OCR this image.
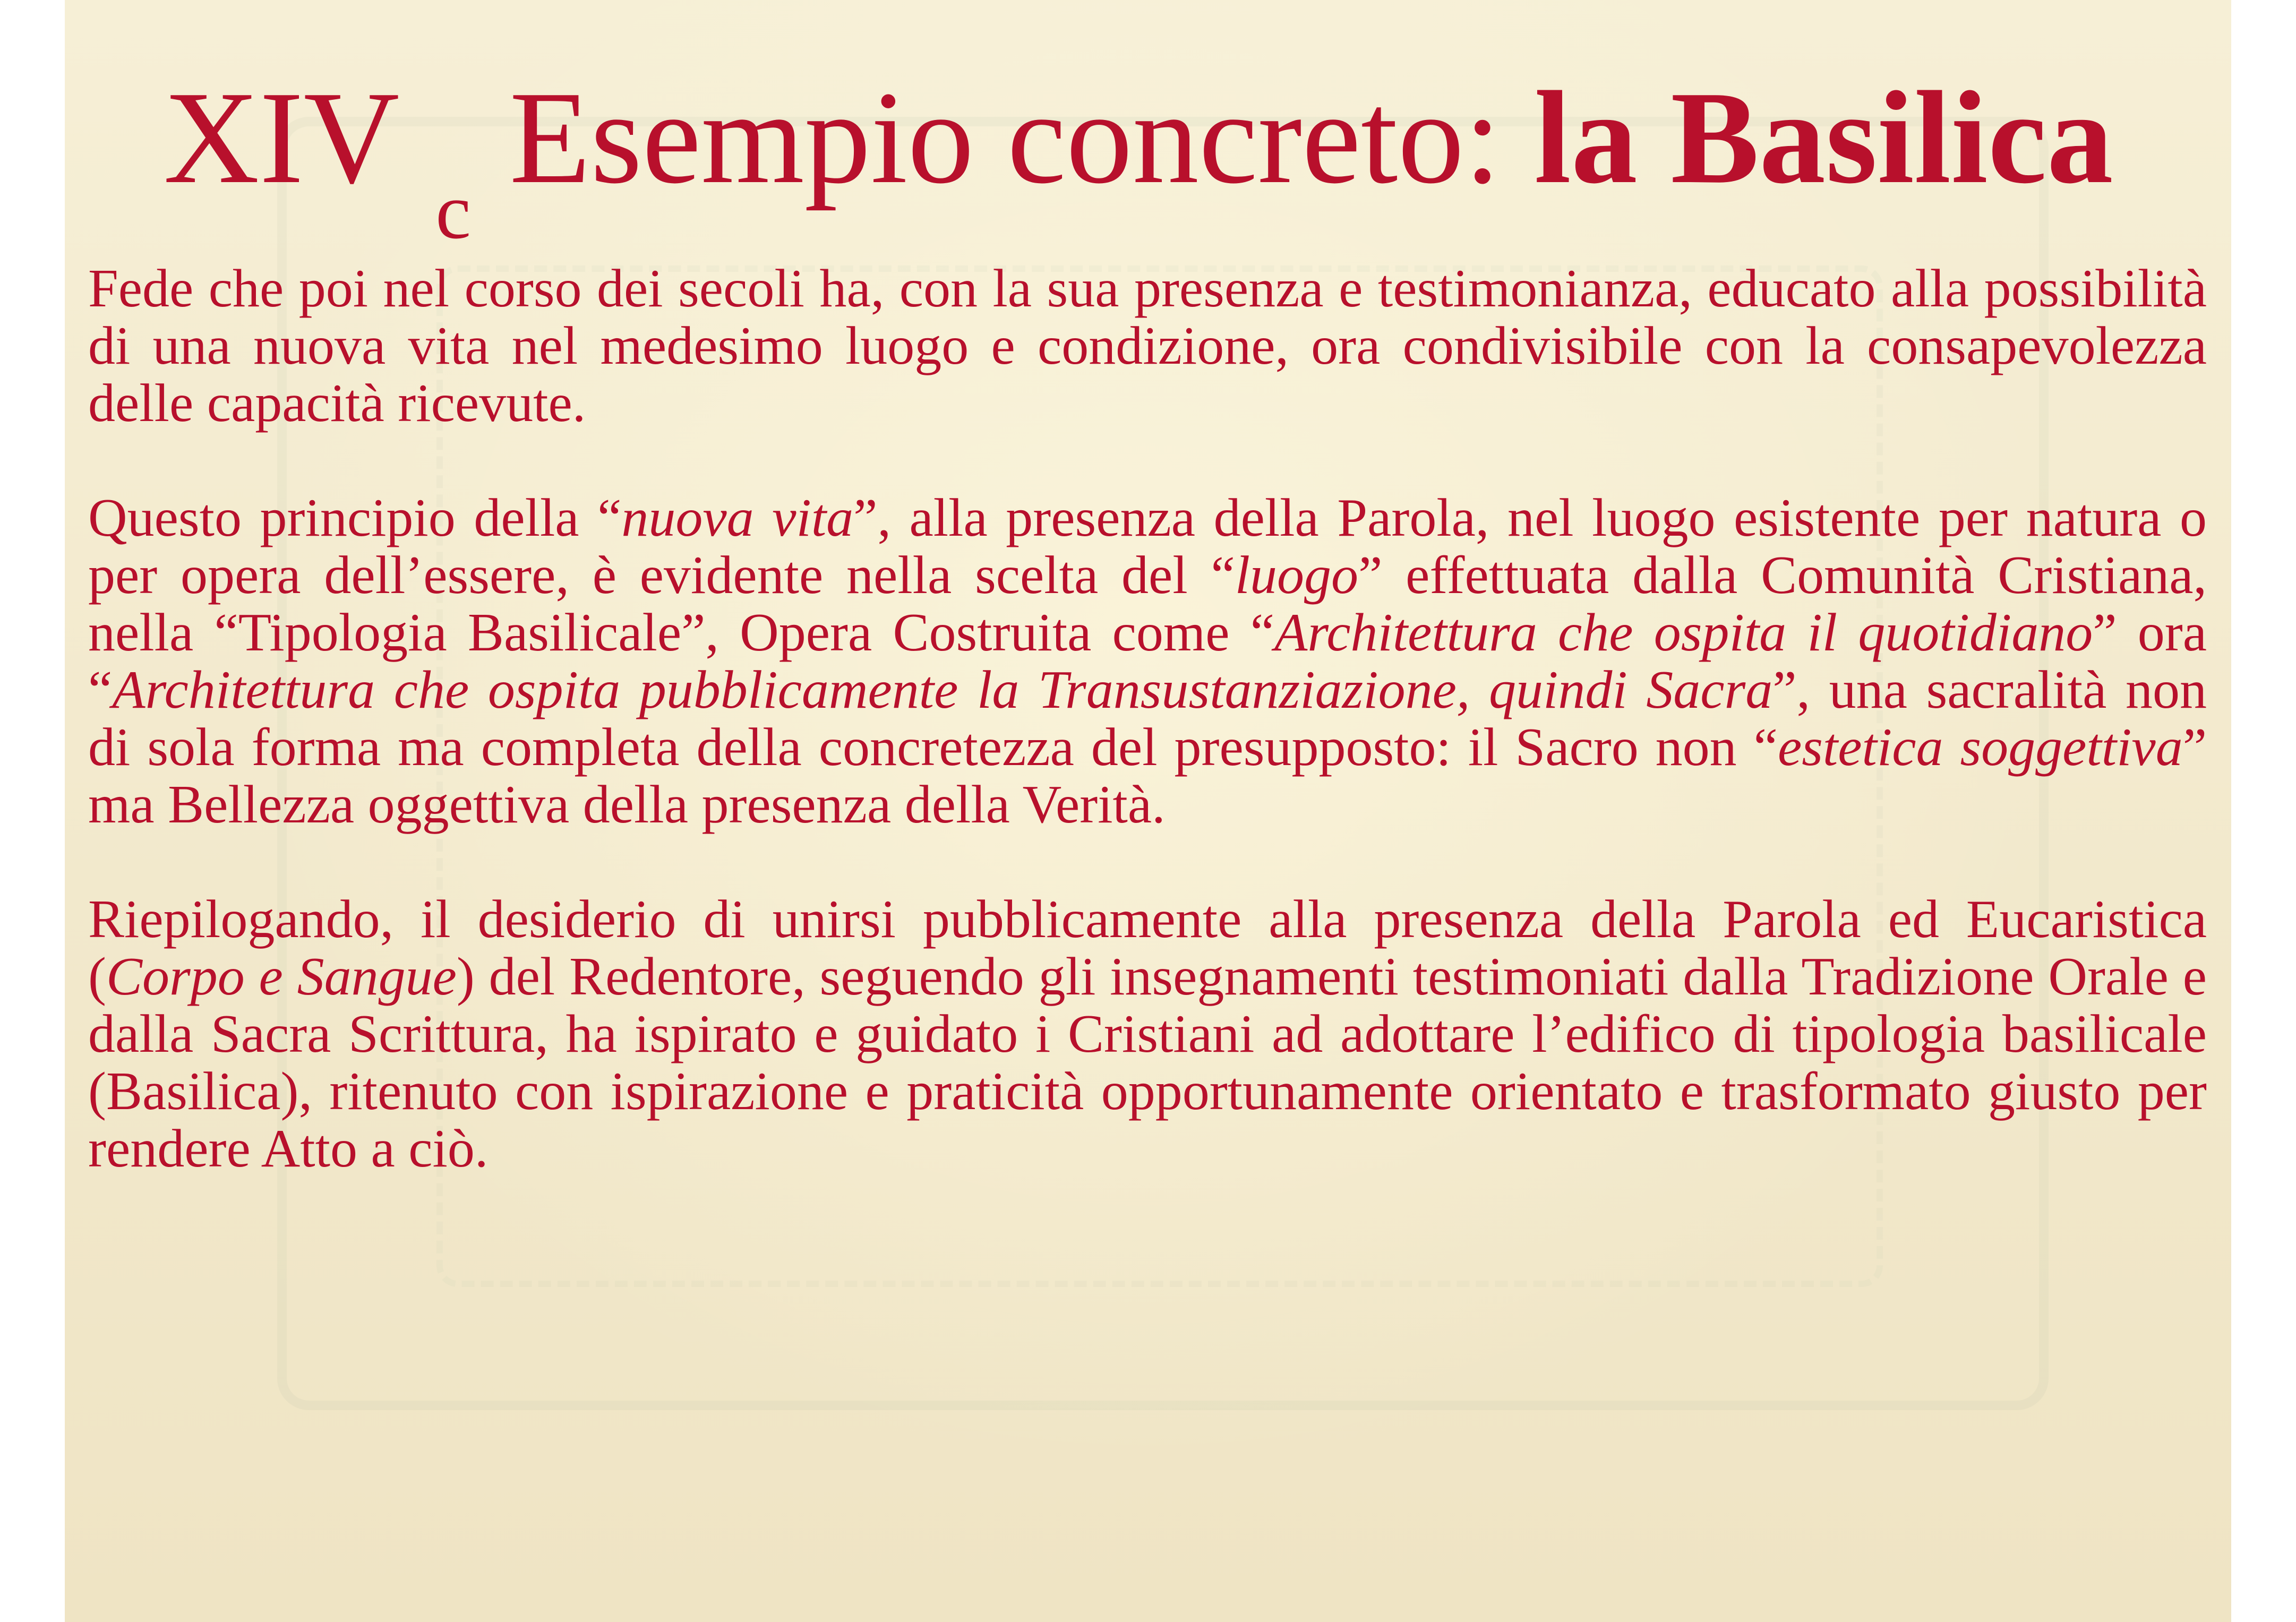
XIV $_c$ Esempio concreto: la Basilica

Fede che poi nel corso dei secoli ha, con la sua presenza e testimonianza, educato alla possibilità di una nuova vita nel medesimo luogo e condizione, ora condivisibile con la consapevolezza delle capacità ricevute.

Questo principio della “nuova vita”, alla presenza della Parola, nel luogo esistente per natura o per opera dell’essere, è evidente nella scelta del “luogo” effettuata dalla Comunità Cristiana, nella “Tipologia Basilicale”, Opera Costruita come “Architettura che ospita il quotidiano” ora “Architettura che ospita pubblicamente la Transustanziazione, quindi Sacra”, una sacralità non di sola forma ma completa della concretezza del presupposto: il Sacro non “estetica soggettiva” ma Bellezza oggettiva della presenza della Verità.

Riepilogando, il desiderio di unirsi pubblicamente alla presenza della Parola ed Eucaristica (Corpo e Sangue) del Redentore, seguendo gli insegnamenti testimoniati dalla Tradizione Orale e dalla Sacra Scrittura, ha ispirato e guidato i Cristiani ad adottare l’edifico di tipologia basilicale (Basilica), ritenuto con ispirazione e praticità opportunamente orientato e trasformato giusto per rendere Atto a ciò.
